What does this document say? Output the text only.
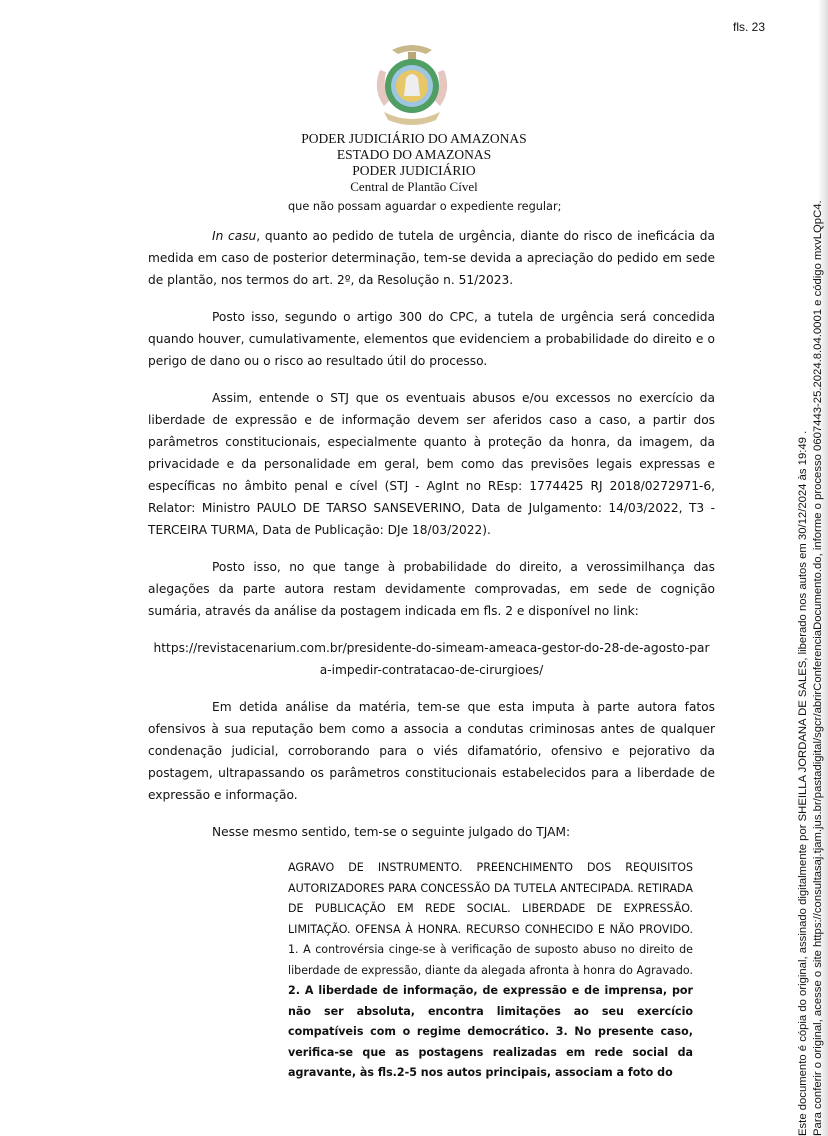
fls. 23
PODER JUDICIÁRIO DO AMAZONAS
ESTADO DO AMAZONAS
PODER JUDICIÁRIO
Central de Plantão Cível
que não possam aguardar o expediente regular;

In casu, quanto ao pedido de tutela de urgência, diante do risco de ineficácia da medida em caso de posterior determinação, tem-se devida a apreciação do pedido em sede de plantão, nos termos do art. 2º, da Resolução n. 51/2023.

Posto isso, segundo o artigo 300 do CPC, a tutela de urgência será concedida quando houver, cumulativamente, elementos que evidenciem a probabilidade do direito e o perigo de dano ou o risco ao resultado útil do processo.

Assim, entende o STJ que os eventuais abusos e/ou excessos no exercício da liberdade de expressão e de informação devem ser aferidos caso a caso, a partir dos parâmetros constitucionais, especialmente quanto à proteção da honra, da imagem, da privacidade e da personalidade em geral, bem como das previsões legais expressas e específicas no âmbito penal e cível (STJ - AgInt no REsp: 1774425 RJ 2018/0272971-6, Relator: Ministro PAULO DE TARSO SANSEVERINO, Data de Julgamento: 14/03/2022, T3 - TERCEIRA TURMA, Data de Publicação: DJe 18/03/2022).

Posto isso, no que tange à probabilidade do direito, a verossimilhança das alegações da parte autora restam devidamente comprovadas, em sede de cognição sumária, através da análise da postagem indicada em fls. 2 e disponível no link:

https://revistacenarium.com.br/presidente-do-simeam-ameaca-gestor-do-28-de-agosto-para-impedir-contratacao-de-cirurgioes/

Em detida análise da matéria, tem-se que esta imputa à parte autora fatos ofensivos à sua reputação bem como a associa a condutas criminosas antes de qualquer condenação judicial, corroborando para o viés difamatório, ofensivo e pejorativo da postagem, ultrapassando os parâmetros constitucionais estabelecidos para a liberdade de expressão e informação.

Nesse mesmo sentido, tem-se o seguinte julgado do TJAM:

AGRAVO DE INSTRUMENTO. PREENCHIMENTO DOS REQUISITOS AUTORIZADORES PARA CONCESSÃO DA TUTELA ANTECIPADA. RETIRADA DE PUBLICAÇÃO EM REDE SOCIAL. LIBERDADE DE EXPRESSÃO. LIMITAÇÃO. OFENSA À HONRA. RECURSO CONHECIDO E NÃO PROVIDO. 1. A controvérsia cinge-se à verificação de suposto abuso no direito de liberdade de expressão, diante da alegada afronta à honra do Agravado. 2. A liberdade de informação, de expressão e de imprensa, por não ser absoluta, encontra limitações ao seu exercício compatíveis com o regime democrático. 3. No presente caso, verifica-se que as postagens realizadas em rede social da agravante, às fls.2-5 nos autos principais, associam a foto do	Este documento é cópia do original, assinado digitalmente por SHEILLA JORDANA DE SALES, liberado nos autos em 30/12/2024 às 19:49 . Para conferir o original, acesse o site https://consultasaj.tjam.jus.br/pastadigital/sgcr/abrirConferenciaDocumento.do, informe o processo 0607443-25.2024.8.04.0001 e código mxvLQpC4.
